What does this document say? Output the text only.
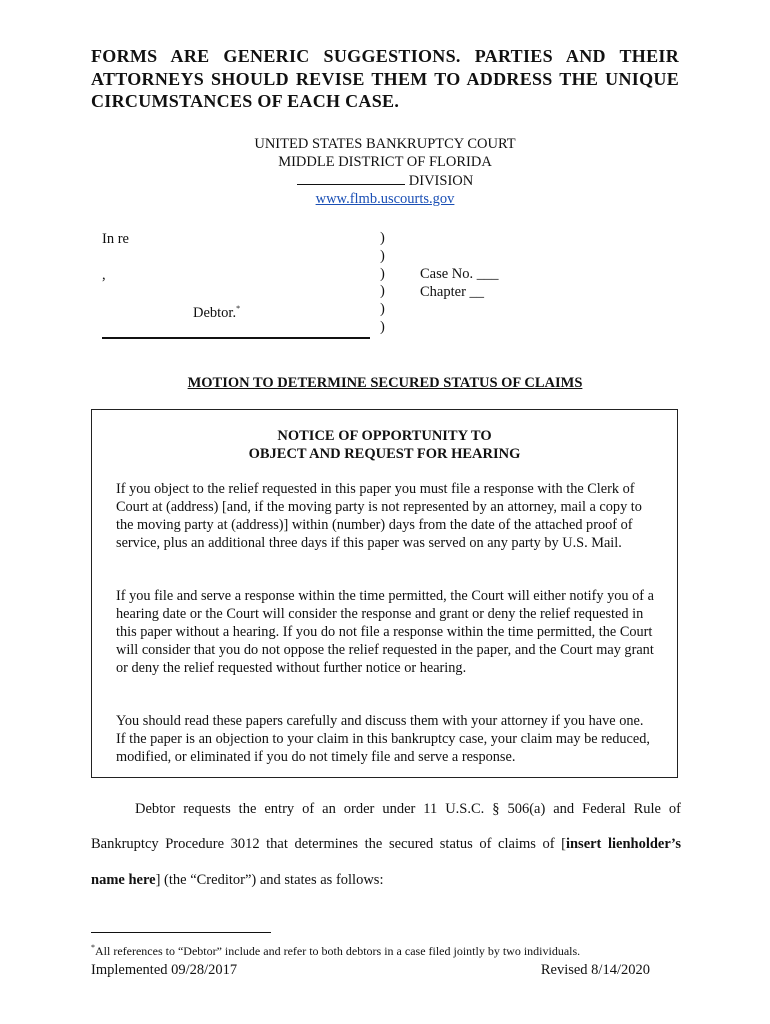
FORMS ARE GENERIC SUGGESTIONS. PARTIES AND THEIR ATTORNEYS SHOULD REVISE THEM TO ADDRESS THE UNIQUE CIRCUMSTANCES OF EACH CASE.
UNITED STATES BANKRUPTCY COURT
MIDDLE DISTRICT OF FLORIDA
DIVISION
www.flmb.uscourts.gov
In re
,
Debtor.*
)
)
)
)
)
)
Case No. ___
Chapter __
MOTION TO DETERMINE SECURED STATUS OF CLAIMS
NOTICE OF OPPORTUNITY TO
OBJECT AND REQUEST FOR HEARING
If you object to the relief requested in this paper you must file a response with the Clerk of Court at (address) [and, if the moving party is not represented by an attorney, mail a copy to the moving party at (address)] within (number) days from the date of the attached proof of service, plus an additional three days if this paper was served on any party by U.S. Mail.
If you file and serve a response within the time permitted, the Court will either notify you of a hearing date or the Court will consider the response and grant or deny the relief requested in this paper without a hearing. If you do not file a response within the time permitted, the Court will consider that you do not oppose the relief requested in the paper, and the Court may grant or deny the relief requested without further notice or hearing.
You should read these papers carefully and discuss them with your attorney if you have one. If the paper is an objection to your claim in this bankruptcy case, your claim may be reduced, modified, or eliminated if you do not timely file and serve a response.
Debtor requests the entry of an order under 11 U.S.C. § 506(a) and Federal Rule of
Bankruptcy Procedure 3012 that determines the secured status of claims of [insert lienholder’s
name here] (the “Creditor”) and states as follows:
*All references to “Debtor” include and refer to both debtors in a case filed jointly by two individuals.
Implemented 09/28/2017	Revised 8/14/2020
